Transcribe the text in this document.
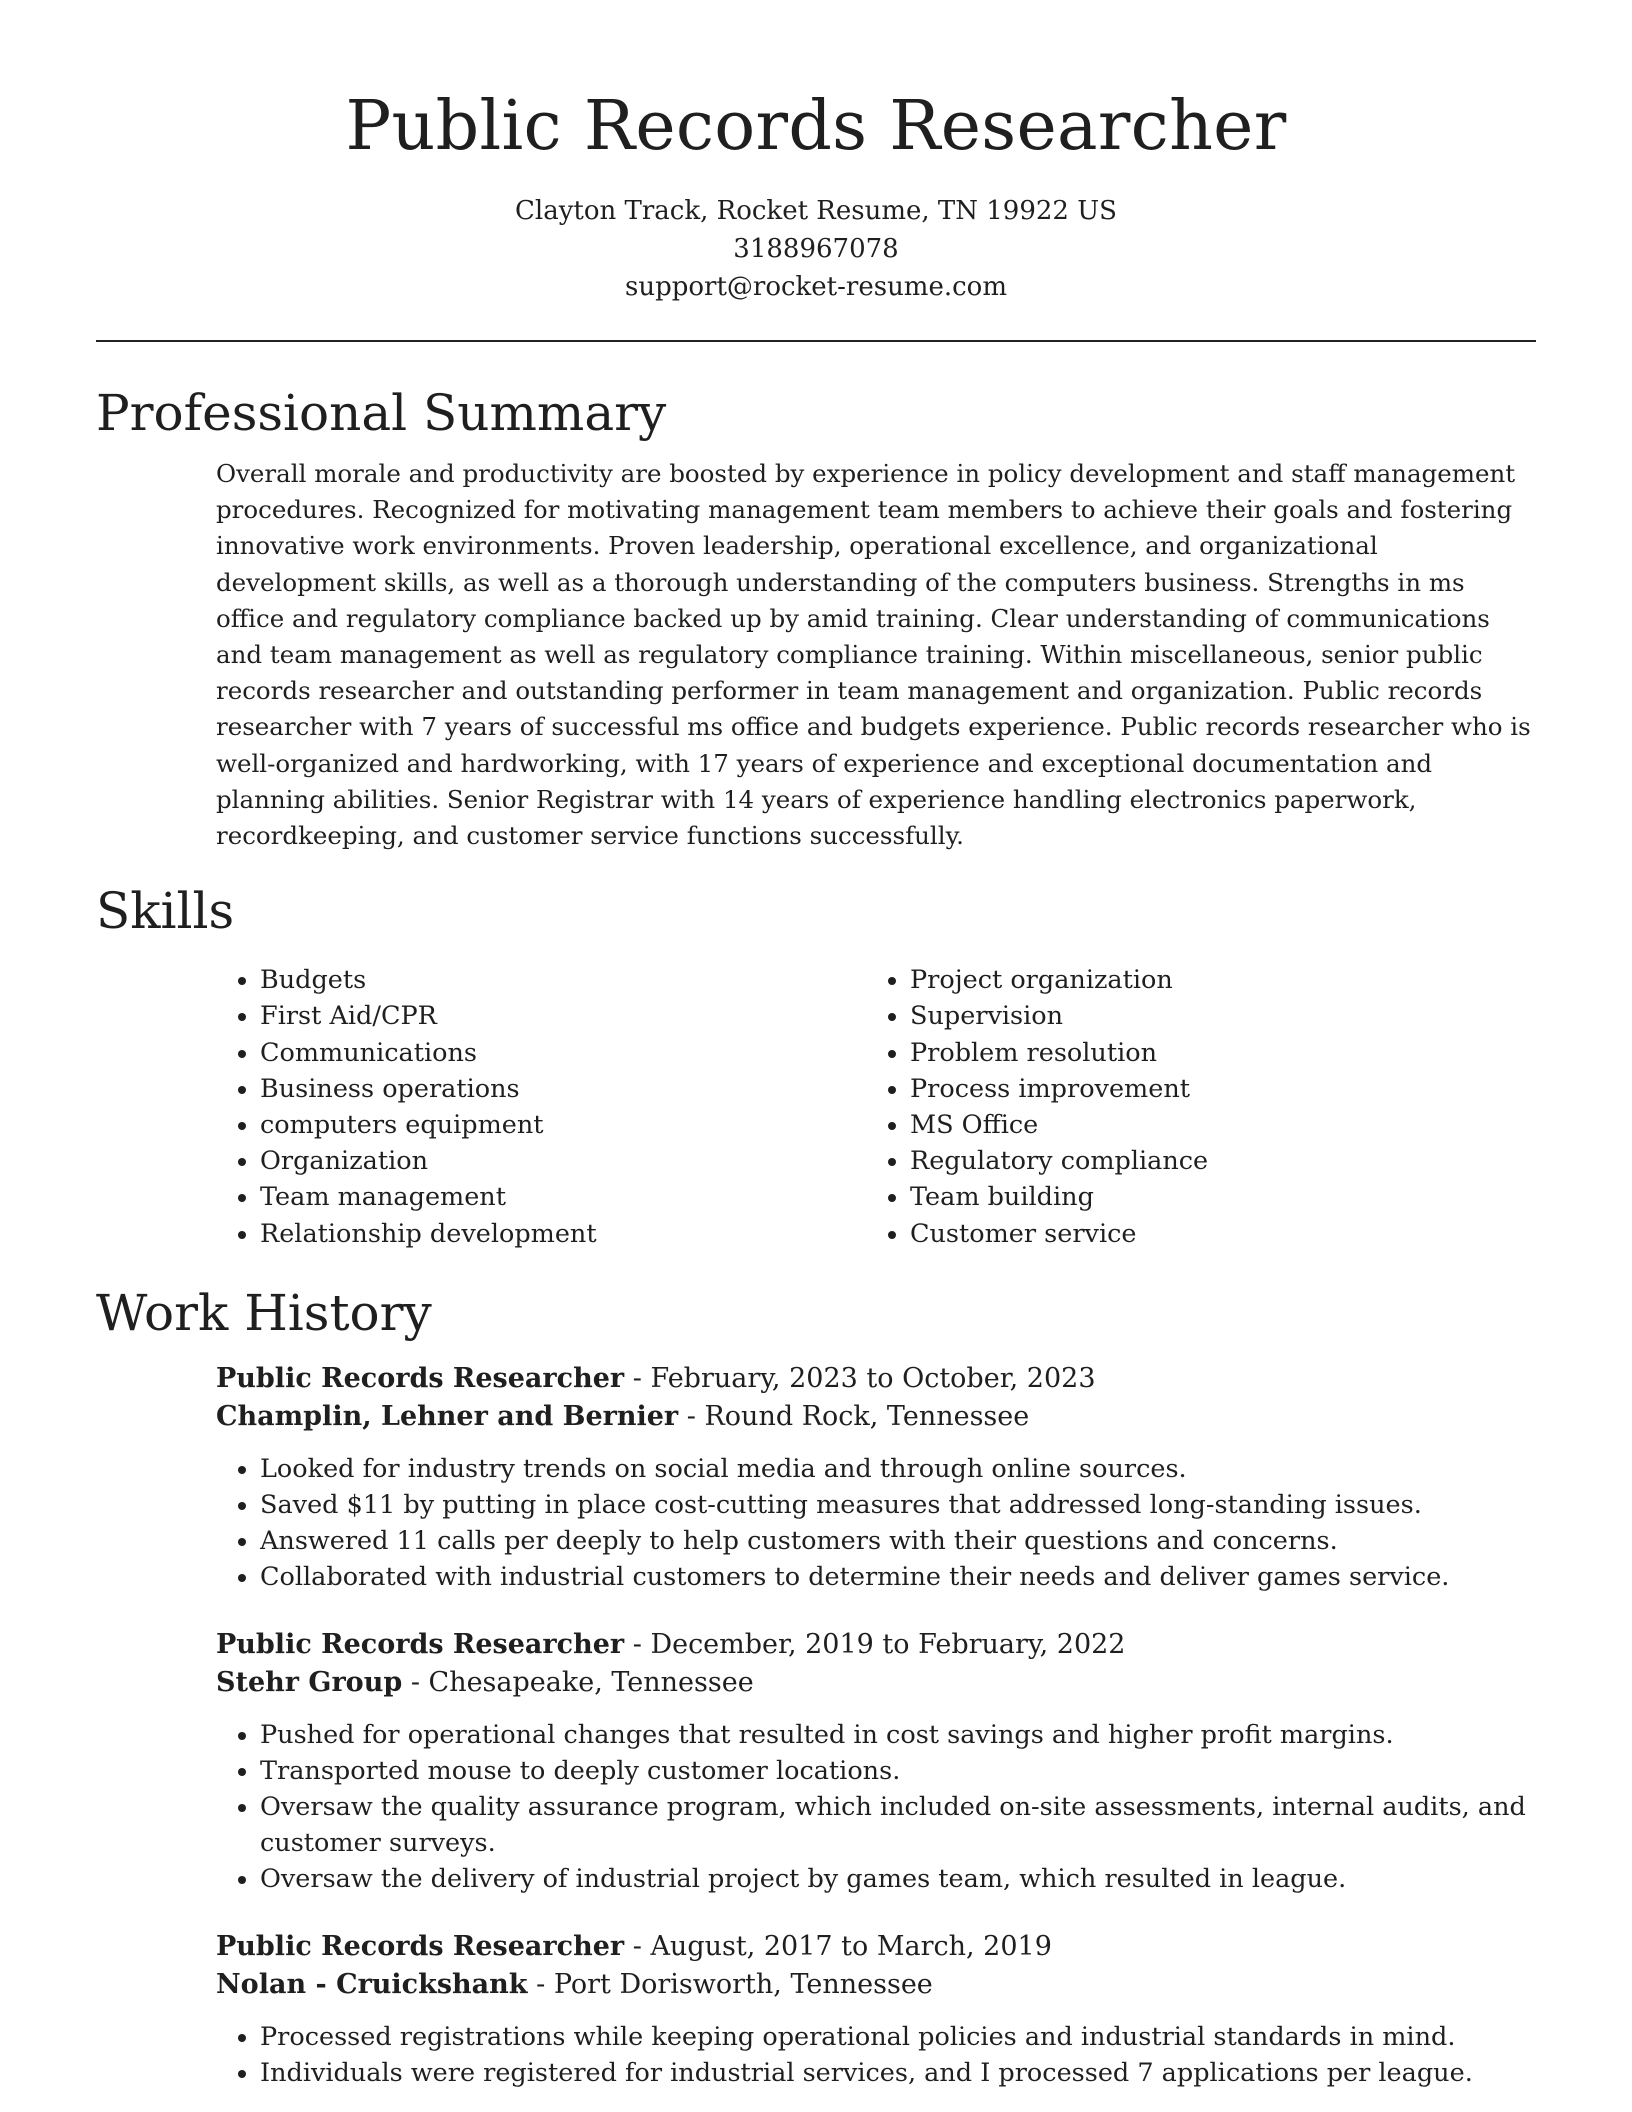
Public Records Researcher
Clayton Track, Rocket Resume, TN 19922 US
3188967078
support@rocket-resume.com
Professional Summary

Overall morale and productivity are boosted by experience in policy development and staff management procedures. Recognized for motivating management team members to achieve their goals and fostering innovative work environments. Proven leadership, operational excellence, and organizational development skills, as well as a thorough understanding of the computers business. Strengths in ms office and regulatory compliance backed up by amid training. Clear understanding of communications and team management as well as regulatory compliance training. Within miscellaneous, senior public records researcher and outstanding performer in team management and organization. Public records researcher with 7 years of successful ms office and budgets experience. Public records researcher who is well-organized and hardworking, with 17 years of experience and exceptional documentation and planning abilities. Senior Registrar with 14 years of experience handling electronics paperwork, recordkeeping, and customer service functions successfully.

Skills
• Budgets
• First Aid/CPR
• Communications
• Business operations
• computers equipment
• Organization
• Team management
• Relationship development
• Project organization
• Supervision
• Problem resolution
• Process improvement
• MS Office
• Regulatory compliance
• Team building
• Customer service
Work History
Public Records Researcher - February, 2023 to October, 2023
Champlin, Lehner and Bernier - Round Rock, Tennessee
• Looked for industry trends on social media and through online sources.
• Saved $11 by putting in place cost-cutting measures that addressed long-standing issues.
• Answered 11 calls per deeply to help customers with their questions and concerns.
• Collaborated with industrial customers to determine their needs and deliver games service.
Public Records Researcher - December, 2019 to February, 2022
Stehr Group - Chesapeake, Tennessee
• Pushed for operational changes that resulted in cost savings and higher profit margins.
• Transported mouse to deeply customer locations.
• Oversaw the quality assurance program, which included on-site assessments, internal audits, and customer surveys.
• Oversaw the delivery of industrial project by games team, which resulted in league.
Public Records Researcher - August, 2017 to March, 2019
Nolan - Cruickshank - Port Dorisworth, Tennessee
• Processed registrations while keeping operational policies and industrial standards in mind.
• Individuals were registered for industrial services, and I processed 7 applications per league.
